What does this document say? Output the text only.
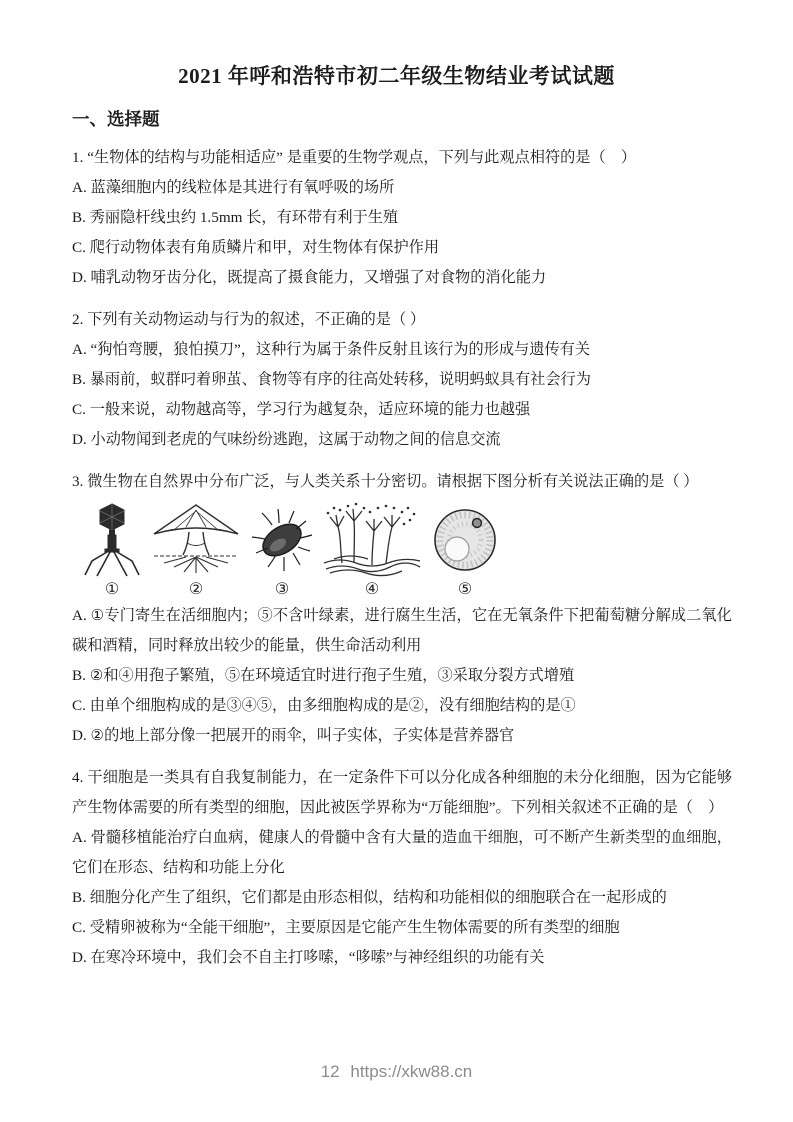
2021 年呼和浩特市初二年级生物结业考试试题
一、选择题

1. “生物体的结构与功能相适应” 是重要的生物学观点，下列与此观点相符的是（　）

A. 蓝藻细胞内的线粒体是其进行有氧呼吸的场所

B. 秀丽隐杆线虫约 1.5mm 长，有环带有利于生殖

C. 爬行动物体表有角质鳞片和甲，对生物体有保护作用

D. 哺乳动物牙齿分化，既提高了摄食能力，又增强了对食物的消化能力

2. 下列有关动物运动与行为的叙述，不正确的是（ ）

A. “狗怕弯腰，狼怕摸刀”，这种行为属于条件反射且该行为的形成与遗传有关

B. 暴雨前，蚁群叼着卵茧、食物等有序的往高处转移，说明蚂蚁具有社会行为

C. 一般来说，动物越高等，学习行为越复杂，适应环境的能力也越强

D. 小动物闻到老虎的气味纷纷逃跑，这属于动物之间的信息交流

3. 微生物在自然界中分布广泛，与人类关系十分密切。请根据下图分析有关说法正确的是（ ）

①	②	③	④	⑤

A. ①专门寄生在活细胞内；⑤不含叶绿素，进行腐生生活，它在无氧条件下把葡萄糖分解成二氧化碳和酒精，同时释放出较少的能量，供生命活动利用

B. ②和④用孢子繁殖，⑤在环境适宜时进行孢子生殖，③采取分裂方式增殖

C. 由单个细胞构成的是③④⑤，由多细胞构成的是②，没有细胞结构的是①

D. ②的地上部分像一把展开的雨伞，叫子实体，子实体是营养器官

4. 干细胞是一类具有自我复制能力，在一定条件下可以分化成各种细胞的未分化细胞，因为它能够产生物体需要的所有类型的细胞，因此被医学界称为“万能细胞”。下列相关叙述不正确的是（　）

A. 骨髓移植能治疗白血病，健康人的骨髓中含有大量的造血干细胞，可不断产生新类型的血细胞，它们在形态、结构和功能上分化

B. 细胞分化产生了组织，它们都是由形态相似，结构和功能相似的细胞联合在一起形成的

C. 受精卵被称为“全能干细胞”，主要原因是它能产生生物体需要的所有类型的细胞

D. 在寒冷环境中，我们会不自主打哆嗦，“哆嗦”与神经组织的功能有关

12 https://xkw88.cn
